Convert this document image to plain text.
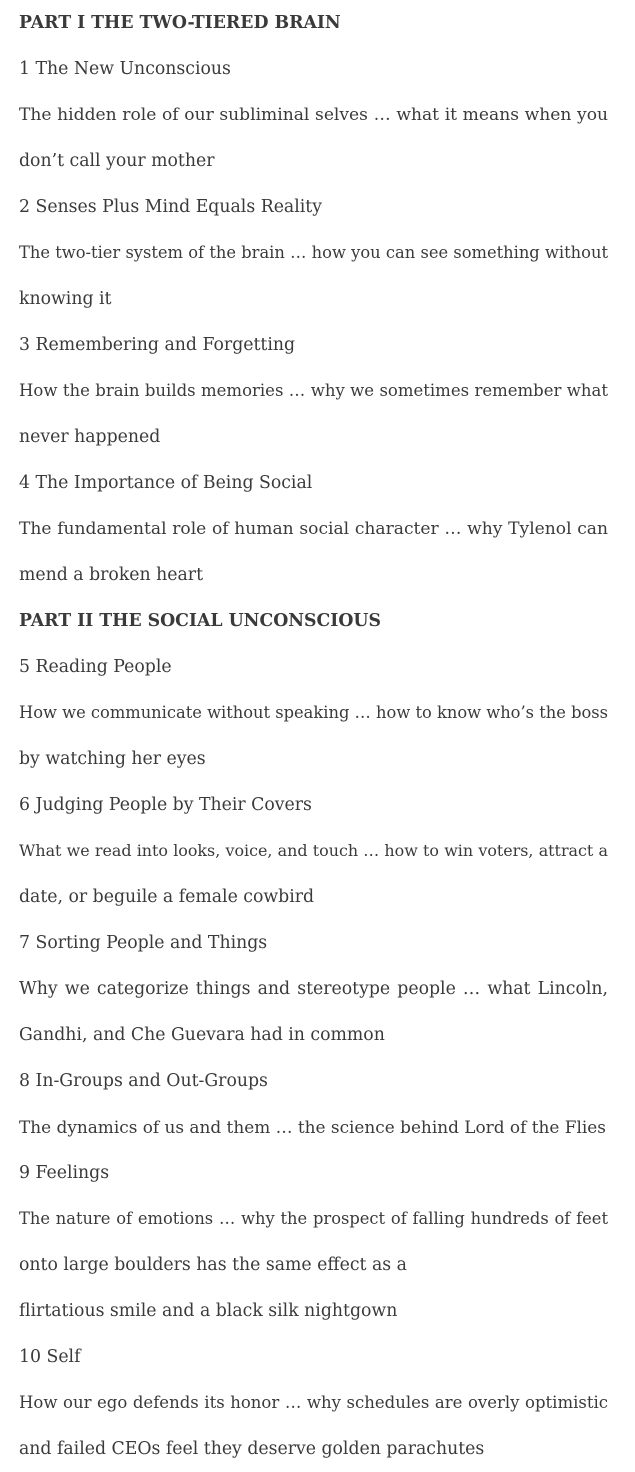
PART I THE TWO-TIERED BRAIN
1 The New Unconscious
The hidden role of our subliminal selves … what it means when you
don’t call your mother
2 Senses Plus Mind Equals Reality
The two-tier system of the brain … how you can see something without
knowing it
3 Remembering and Forgetting
How the brain builds memories … why we sometimes remember what
never happened
4 The Importance of Being Social
The fundamental role of human social character … why Tylenol can
mend a broken heart
PART II THE SOCIAL UNCONSCIOUS
5 Reading People
How we communicate without speaking … how to know who’s the boss
by watching her eyes
6 Judging People by Their Covers
What we read into looks, voice, and touch … how to win voters, attract a
date, or beguile a female cowbird
7 Sorting People and Things
Why we categorize things and stereotype people … what Lincoln,
Gandhi, and Che Guevara had in common
8 In-Groups and Out-Groups
The dynamics of us and them … the science behind Lord of the Flies
9 Feelings
The nature of emotions … why the prospect of falling hundreds of feet
onto large boulders has the same effect as a
flirtatious smile and a black silk nightgown
10 Self
How our ego defends its honor … why schedules are overly optimistic
and failed CEOs feel they deserve golden parachutes
